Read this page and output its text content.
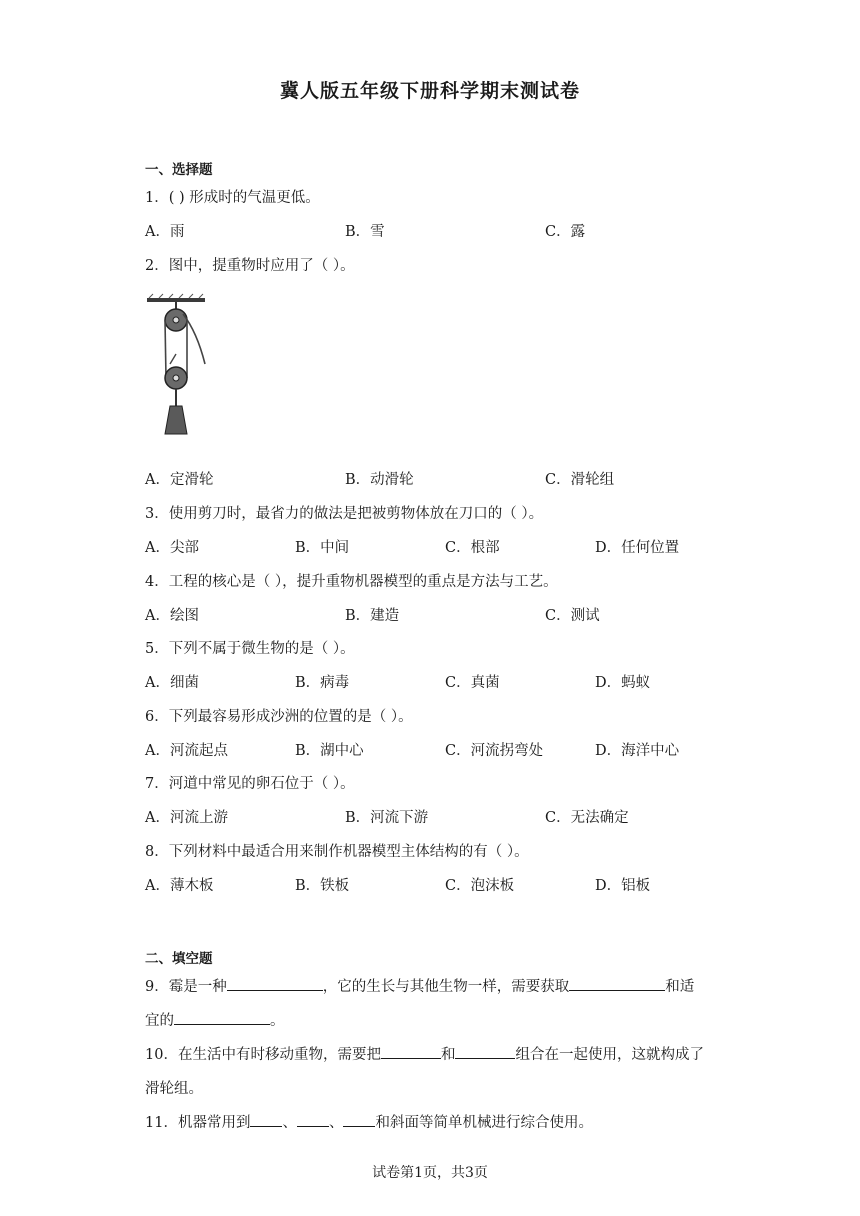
冀人版五年级下册科学期末测试卷
一、选择题
1．( ) 形成时的气温更低。
A．雨	B．雪	C．露
2．图中，提重物时应用了（ ）。
A．定滑轮	B．动滑轮	C．滑轮组
3．使用剪刀时，最省力的做法是把被剪物体放在刀口的（ ）。
A．尖部	B．中间	C．根部	D．任何位置
4．工程的核心是（ ），提升重物机器模型的重点是方法与工艺。
A．绘图	B．建造	C．测试
5．下列不属于微生物的是（ ）。
A．细菌	B．病毒	C．真菌	D．蚂蚁
6．下列最容易形成沙洲的位置的是（ ）。
A．河流起点	B．湖中心	C．河流拐弯处	D．海洋中心
7．河道中常见的卵石位于（ ）。
A．河流上游	B．河流下游	C．无法确定
8．下列材料中最适合用来制作机器模型主体结构的有（ ）。
A．薄木板	B．铁板	C．泡沫板	D．铝板
二、填空题
9．霉是一种	，它的生长与其他生物一样，需要获取	和适
宜的	。
10．在生活中有时移动重物，需要把	和	组合在一起使用，这就构成了
滑轮组。
11．机器常用到 、 、 和斜面等简单机械进行综合使用。
试卷第1页，共3页
